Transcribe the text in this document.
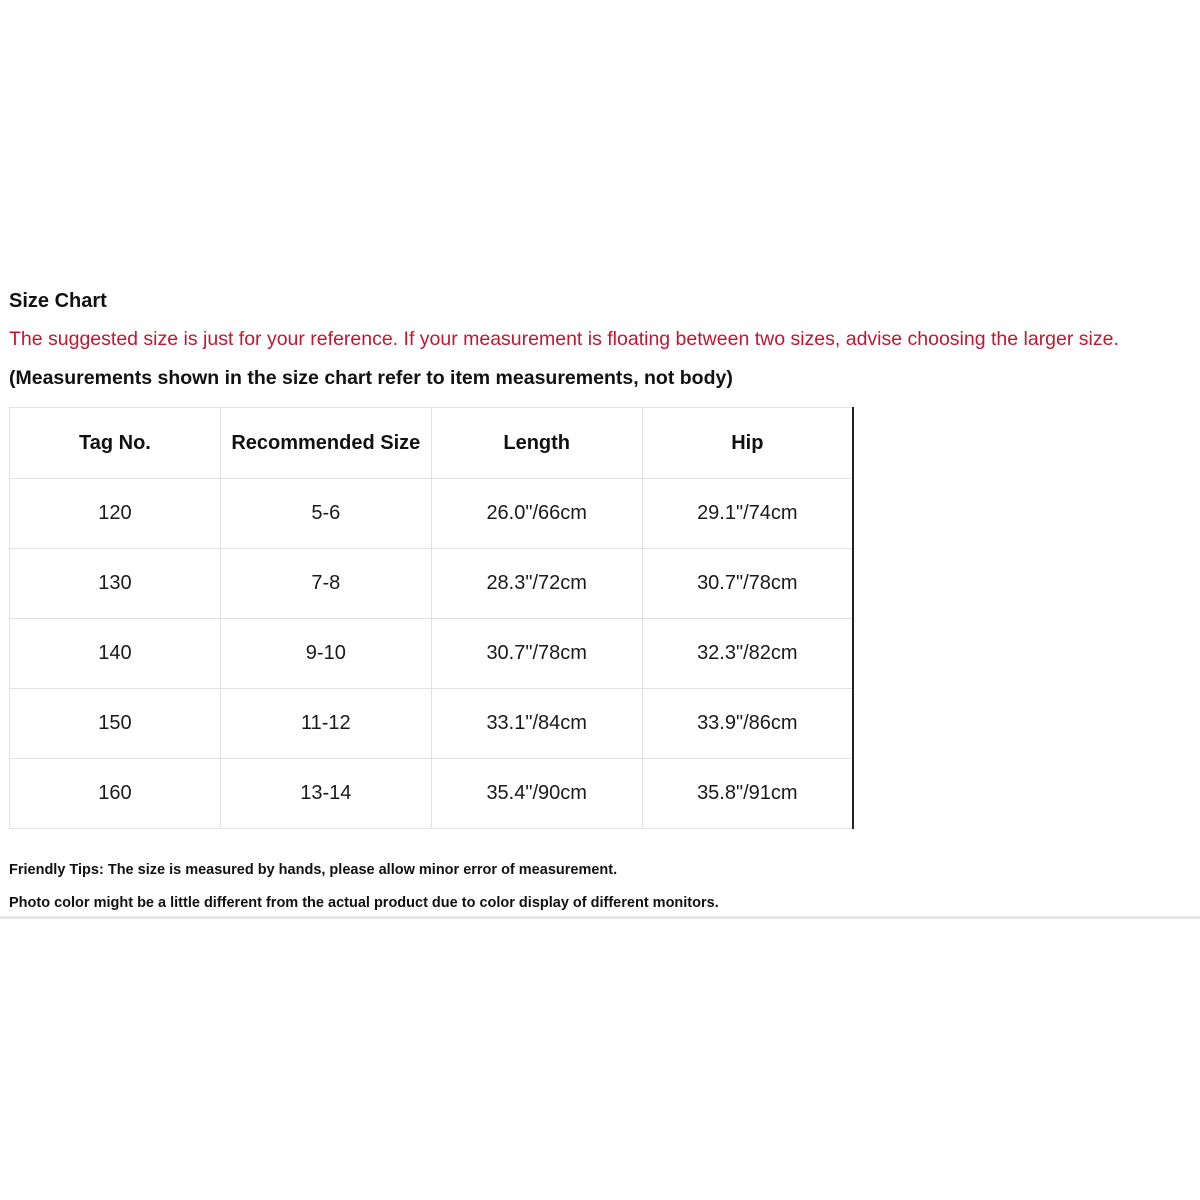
Size Chart

The suggested size is just for your reference. If your measurement is floating between two sizes, advise choosing the larger size.

(Measurements shown in the size chart refer to item measurements, not body)

Tag No.	Recommended Size	Length	Hip
120	5-6	26.0"/66cm	29.1"/74cm
130	7-8	28.3"/72cm	30.7"/78cm
140	9-10	30.7"/78cm	32.3"/82cm
150	11-12	33.1"/84cm	33.9"/86cm
160	13-14	35.4"/90cm	35.8"/91cm

Friendly Tips: The size is measured by hands, please allow minor error of measurement.

Photo color might be a little different from the actual product due to color display of different monitors.
